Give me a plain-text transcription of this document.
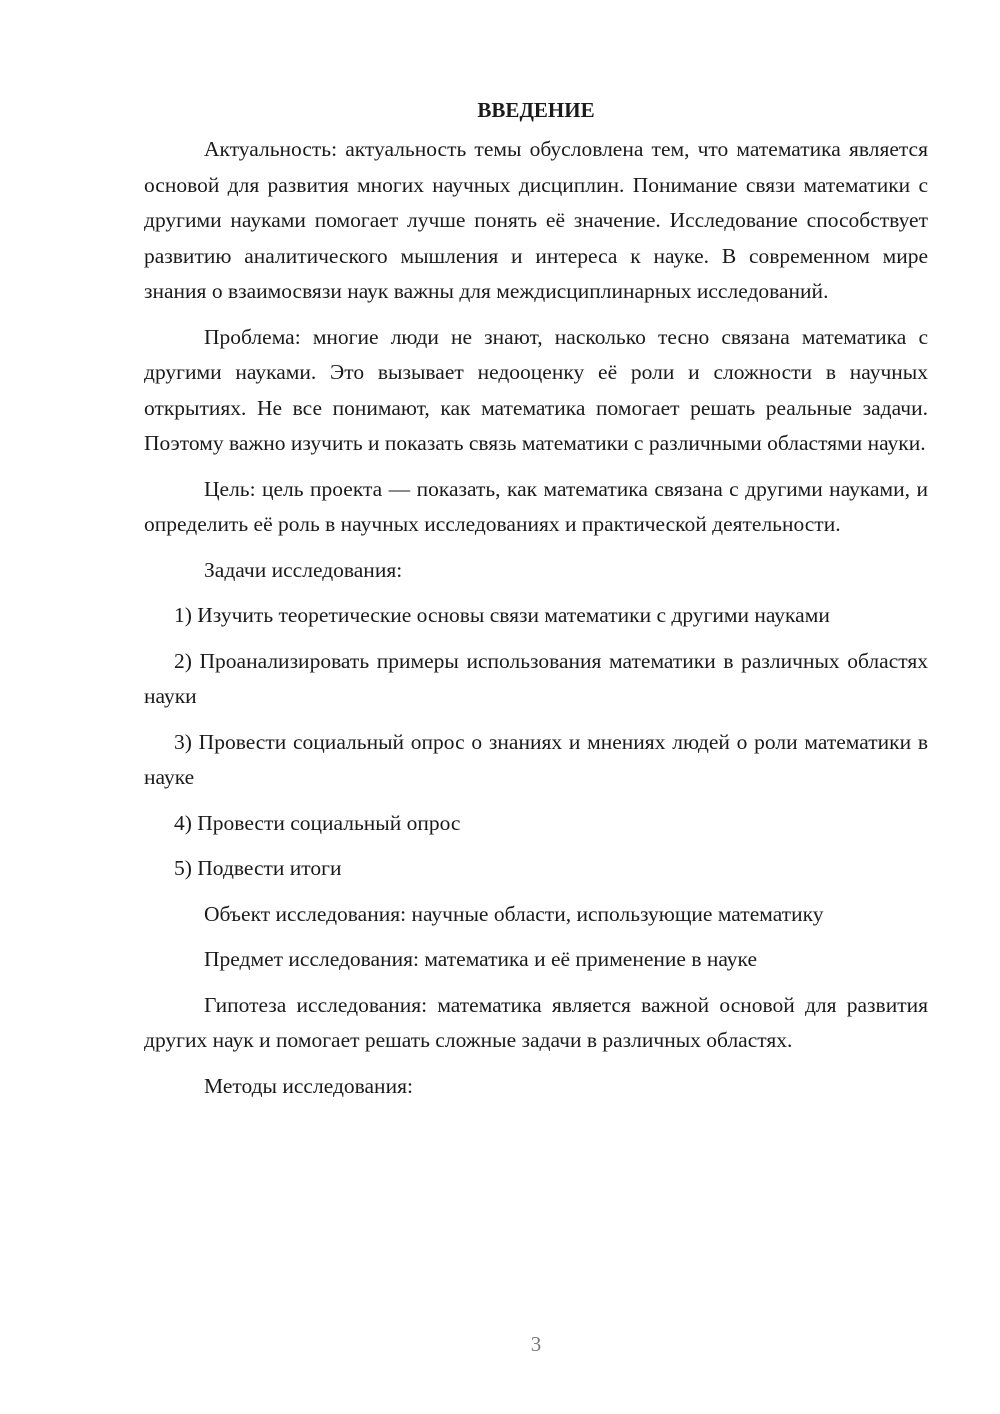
ВВЕДЕНИЕ

Актуальность: актуальность темы обусловлена тем, что математика является основой для развития многих научных дисциплин. Понимание связи математики с другими науками помогает лучше понять её значение. Исследование способствует развитию аналитического мышления и интереса к науке. В современном мире знания о взаимосвязи наук важны для междисциплинарных исследований.

Проблема: многие люди не знают, насколько тесно связана математика с другими науками. Это вызывает недооценку её роли и сложности в научных открытиях. Не все понимают, как математика помогает решать реальные задачи. Поэтому важно изучить и показать связь математики с различными областями науки.

Цель: цель проекта — показать, как математика связана с другими науками, и определить её роль в научных исследованиях и практической деятельности.

Задачи исследования:

1) Изучить теоретические основы связи математики с другими науками

2) Проанализировать примеры использования математики в различных областях науки

3) Провести социальный опрос о знаниях и мнениях людей о роли математики в науке

4) Провести социальный опрос

5) Подвести итоги

Объект исследования: научные области, использующие математику

Предмет исследования: математика и её применение в науке

Гипотеза исследования: математика является важной основой для развития других наук и помогает решать сложные задачи в различных областях.

Методы исследования:

3
